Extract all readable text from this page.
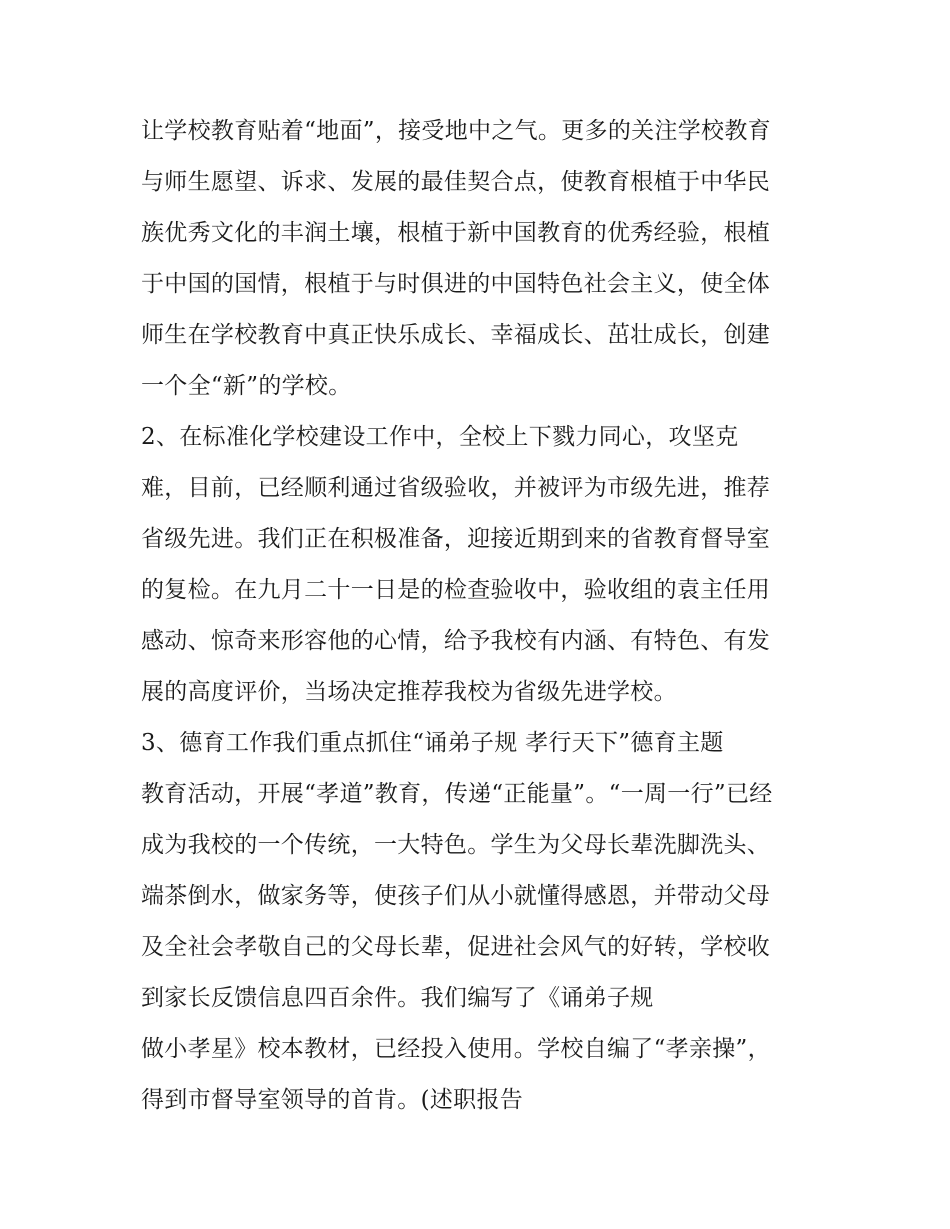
让学校教育贴着“地面”，接受地中之气。更多的关注学校教育
与师生愿望、诉求、发展的最佳契合点，使教育根植于中华民
族优秀文化的丰润土壤，根植于新中国教育的优秀经验，根植
于中国的国情，根植于与时俱进的中国特色社会主义，使全体
师生在学校教育中真正快乐成长、幸福成长、茁壮成长，创建
一个全“新”的学校。
2、在标准化学校建设工作中，全校上下戮力同心，攻坚克
难，目前，已经顺利通过省级验收，并被评为市级先进，推荐
省级先进。我们正在积极准备，迎接近期到来的省教育督导室
的复检。在九月二十一日是的检查验收中，验收组的袁主任用
感动、惊奇来形容他的心情，给予我校有内涵、有特色、有发
展的高度评价，当场决定推荐我校为省级先进学校。
3、德育工作我们重点抓住“诵弟子规 孝行天下”德育主题
教育活动，开展“孝道”教育，传递“正能量”。“一周一行”已经
成为我校的一个传统，一大特色。学生为父母长辈洗脚洗头、
端茶倒水，做家务等，使孩子们从小就懂得感恩，并带动父母
及全社会孝敬自己的父母长辈，促进社会风气的好转，学校收
到家长反馈信息四百余件。我们编写了《诵弟子规
做小孝星》校本教材，已经投入使用。学校自编了“孝亲操”，
得到市督导室领导的首肯。(述职报告
